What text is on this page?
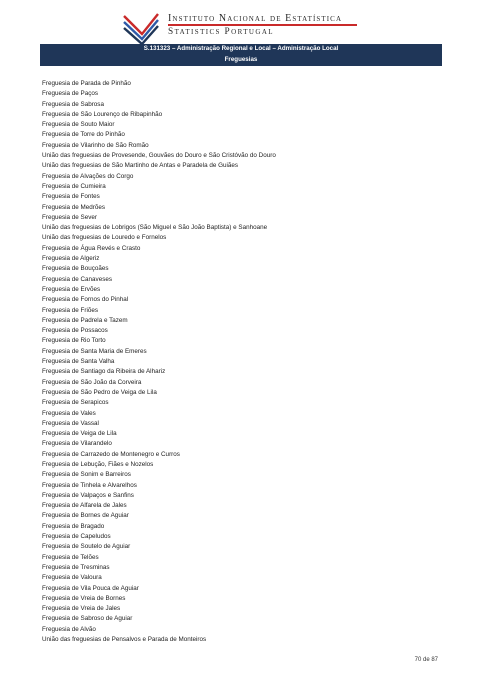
Instituto Nacional de Estatística
Statistics Portugal
S.131323 – Administração Regional e Local – Administração Local
Freguesias
Freguesia de Parada de Pinhão
Freguesia de Paços
Freguesia de Sabrosa
Freguesia de São Lourenço de Ribapinhão
Freguesia de Souto Maior
Freguesia de Torre do Pinhão
Freguesia de Vilarinho de São Romão
União das freguesias de Provesende, Gouvães do Douro e São Cristóvão do Douro
União das freguesias de São Martinho de Antas e Paradela de Guiães
Freguesia de Alvações do Corgo
Freguesia de Cumieira
Freguesia de Fontes
Freguesia de Medrões
Freguesia de Sever
União das freguesias de Lobrigos (São Miguel e São João Baptista) e Sanhoane
União das freguesias de Louredo e Fornelos
Freguesia de Água Revés e Crasto
Freguesia de Algeriz
Freguesia de Bouçoães
Freguesia de Canaveses
Freguesia de Ervões
Freguesia de Fornos do Pinhal
Freguesia de Friões
Freguesia de Padrela e Tazem
Freguesia de Possacos
Freguesia de Rio Torto
Freguesia de Santa Maria de Emeres
Freguesia de Santa Valha
Freguesia de Santiago da Ribeira de Alhariz
Freguesia de São João da Corveira
Freguesia de São Pedro de Veiga de Lila
Freguesia de Serapicos
Freguesia de Vales
Freguesia de Vassal
Freguesia de Veiga de Lila
Freguesia de Vilarandelo
Freguesia de Carrazedo de Montenegro e Curros
Freguesia de Lebução, Fiães e Nozelos
Freguesia de Sonim e Barreiros
Freguesia de Tinhela e Alvarelhos
Freguesia de Valpaços e Sanfins
Freguesia de Alfarela de Jales
Freguesia de Bornes de Aguiar
Freguesia de Bragado
Freguesia de Capeludos
Freguesia de Soutelo de Aguiar
Freguesia de Telões
Freguesia de Tresminas
Freguesia de Valoura
Freguesia de Vila Pouca de Aguiar
Freguesia de Vreia de Bornes
Freguesia de Vreia de Jales
Freguesia de Sabroso de Aguiar
Freguesia de Alvão
União das freguesias de Pensalvos e Parada de Monteiros
70 de 87
